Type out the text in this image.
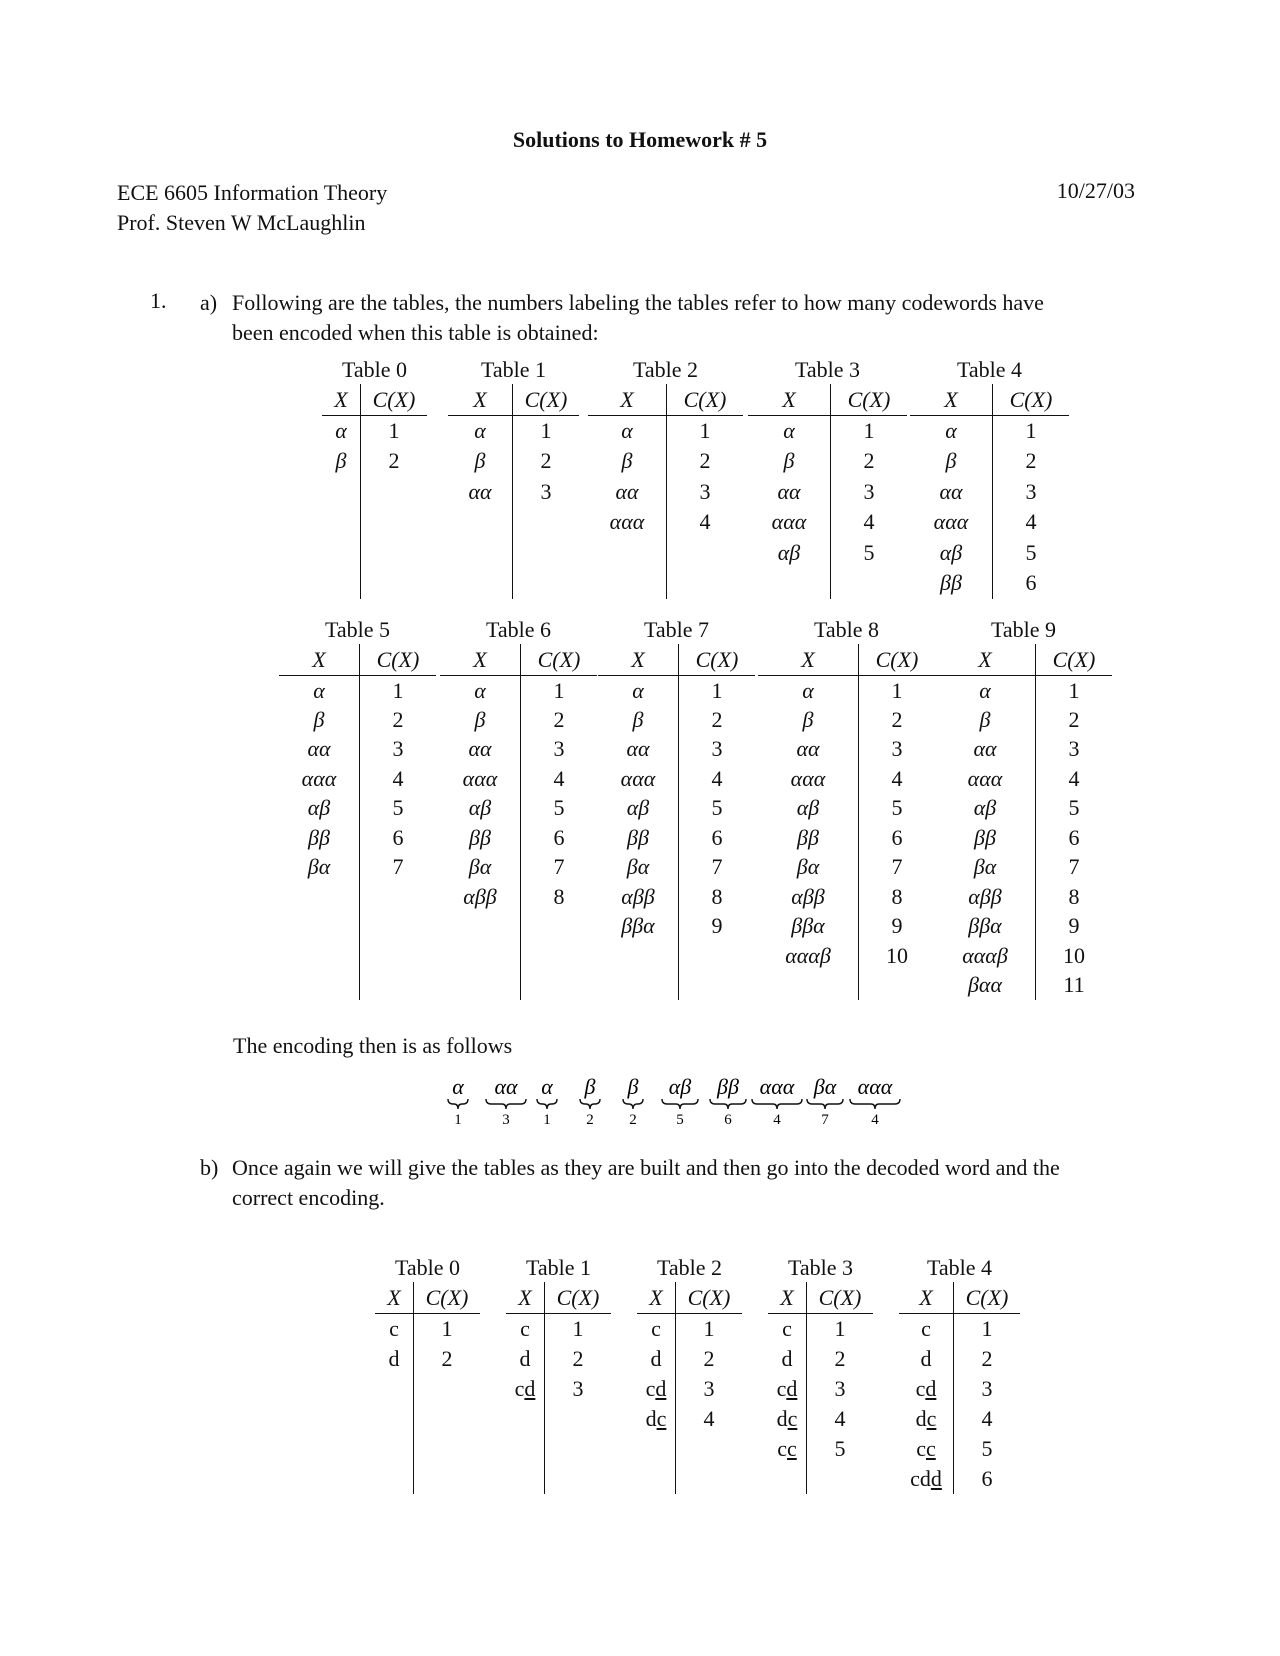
Solutions to Homework # 5
ECE 6605 Information Theory
Prof. Steven W McLaughlin
10/27/03
1. a) Following are the tables, the numbers labeling the tables refer to how many codewords have
been encoded when this table is obtained:
Table 0
X	C(X)
α	1
β	2

Table 1
X	C(X)
α	1
β	2
αα	3

Table 2
X	C(X)
α	1
β	2
αα	3
ααα	4

Table 3
X	C(X)
α	1
β	2
αα	3
ααα	4
αβ	5

Table 4
X	C(X)
α	1
β	2
αα	3
ααα	4
αβ	5
ββ	6
Table 5
X	C(X)
α	1
β	2
αα	3
ααα	4
αβ	5
ββ	6
βα	7

Table 6
X	C(X)
α	1
β	2
αα	3
ααα	4
αβ	5
ββ	6
βα	7
αββ	8

Table 7
X	C(X)
α	1
β	2
αα	3
ααα	4
αβ	5
ββ	6
βα	7
αββ	8
ββα	9

Table 8
X	C(X)
α	1
β	2
αα	3
ααα	4
αβ	5
ββ	6
βα	7
αββ	8
ββα	9
αααβ	10

Table 9
X	C(X)
α	1
β	2
αα	3
ααα	4
αβ	5
ββ	6
βα	7
αββ	8
ββα	9
αααβ	10
βαα	11
The encoding then is as follows
α
1
αα
3
α
1
β
2
β
2
αβ
5
ββ
6
ααα
4
βα
7
ααα
4
b) Once again we will give the tables as they are built and then go into the decoded word and the
correct encoding.
Table 0
X	C(X)
c	1
d	2

Table 1
X	C(X)
c	1
d	2
cd	3

Table 2
X	C(X)
c	1
d	2
cd	3
dc	4

Table 3
X	C(X)
c	1
d	2
cd	3
dc	4
cc	5

Table 4
X	C(X)
c	1
d	2
cd	3
dc	4
cc	5
cdd	6
